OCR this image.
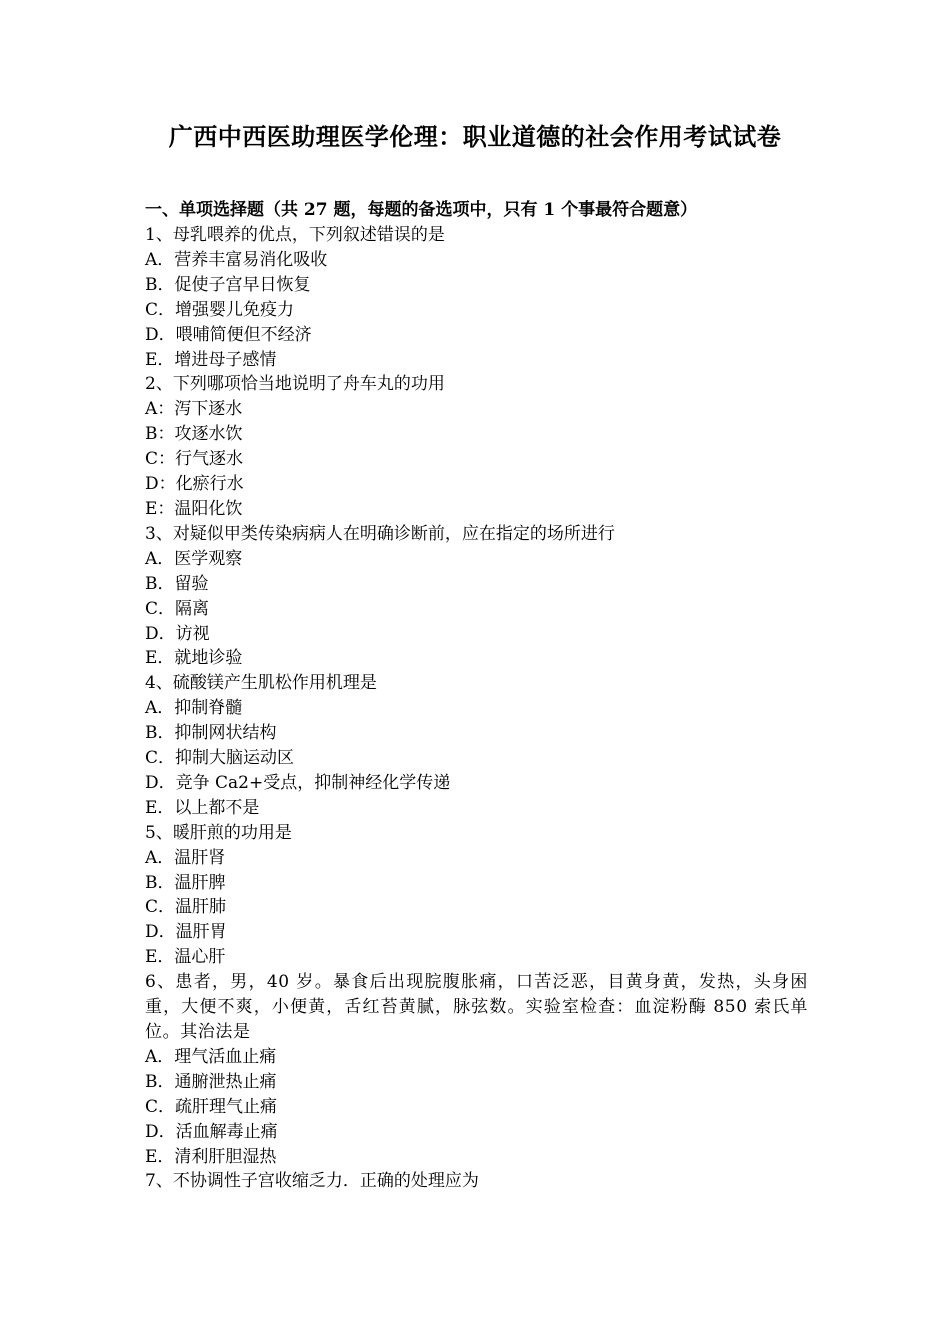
广西中西医助理医学伦理：职业道德的社会作用考试试卷
一、单项选择题（共 27 题，每题的备选项中，只有 1 个事最符合题意）
1、母乳喂养的优点，下列叙述错误的是
A．营养丰富易消化吸收
B．促使子宫早日恢复
C．增强婴儿免疫力
D．喂哺简便但不经济
E．增进母子感情
2、下列哪项恰当地说明了舟车丸的功用
A：泻下逐水
B：攻逐水饮
C：行气逐水
D：化瘀行水
E：温阳化饮
3、对疑似甲类传染病病人在明确诊断前，应在指定的场所进行
A．医学观察
B．留验
C．隔离
D．访视
E．就地诊验
4、硫酸镁产生肌松作用机理是
A．抑制脊髓
B．抑制网状结构
C．抑制大脑运动区
D．竞争 Ca2+受点，抑制神经化学传递
E．以上都不是
5、暖肝煎的功用是
A．温肝肾
B．温肝脾
C．温肝肺
D．温肝胃
E．温心肝
6、患者，男，40 岁。暴食后出现脘腹胀痛，口苦泛恶，目黄身黄，发热，头身困重，大便不爽，小便黄，舌红苔黄腻，脉弦数。实验室检查：血淀粉酶 850 索氏单位。其治法是
A．理气活血止痛
B．通腑泄热止痛
C．疏肝理气止痛
D．活血解毒止痛
E．清利肝胆湿热
7、不协调性子宫收缩乏力．正确的处理应为
